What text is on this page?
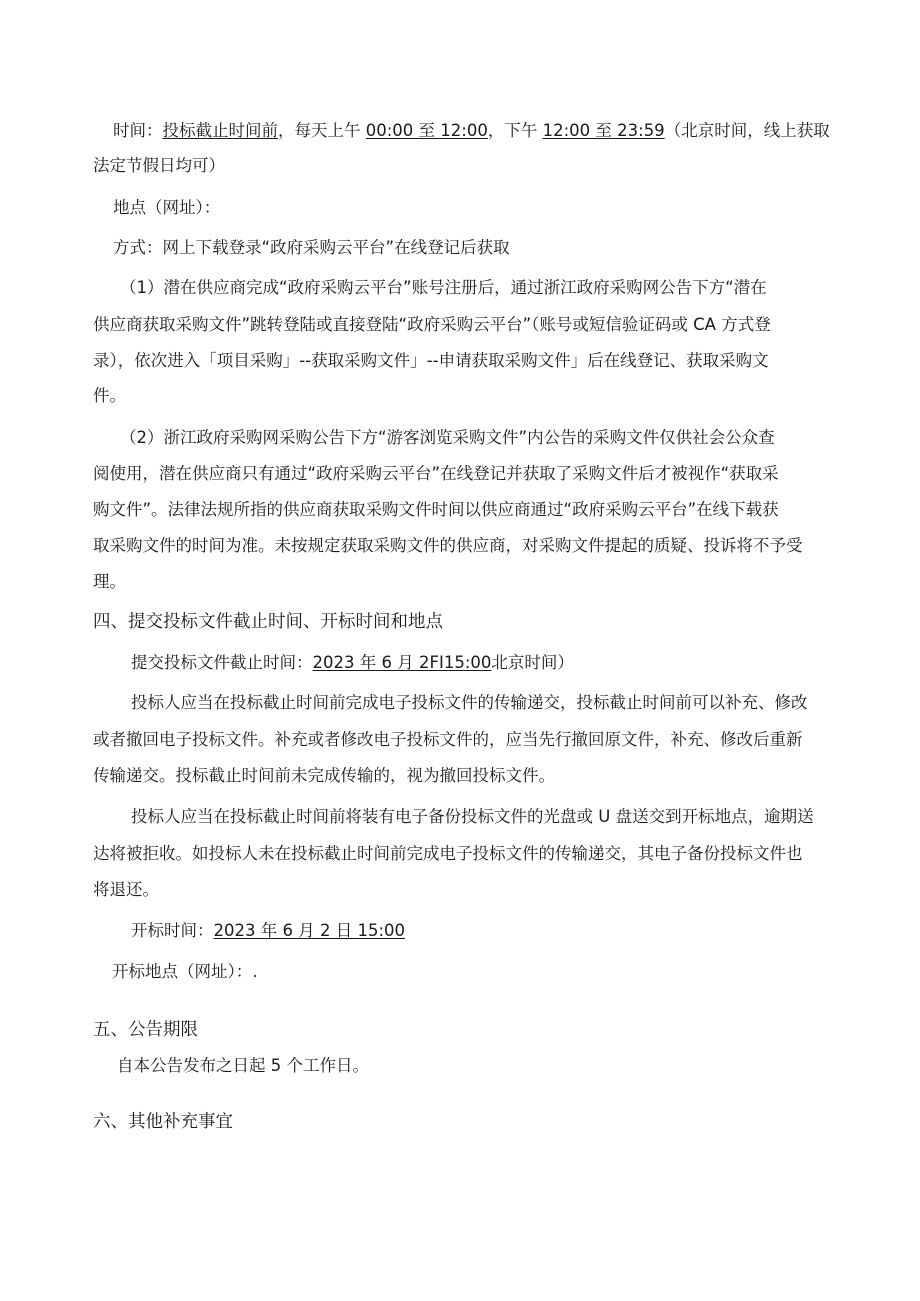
时间：投标截止时间前，每天上午 00:00 至 12:00，下午 12:00 至 23:59（北京时间，线上获取
法定节假日均可）
地点（网址）：
方式：网上下载登录“政府采购云平台”在线登记后获取
（1）潜在供应商完成“政府采购云平台”账号注册后，通过浙江政府采购网公告下方“潜在
供应商获取采购文件”跳转登陆或直接登陆“政府采购云平台”（账号或短信验证码或 CA 方式登
录），依次进入「项目采购」--获取采购文件」--申请获取采购文件」后在线登记、获取采购文
件。
（2）浙江政府采购网采购公告下方“游客浏览采购文件”内公告的采购文件仅供社会公众查
阅使用，潜在供应商只有通过“政府采购云平台”在线登记并获取了采购文件后才被视作“获取采
购文件”。法律法规所指的供应商获取采购文件时间以供应商通过“政府采购云平台”在线下载获
取采购文件的时间为准。未按规定获取采购文件的供应商，对采购文件提起的质疑、投诉将不予受
理。
四、提交投标文件截止时间、开标时间和地点
提交投标文件截止时间：2023 年 6 月 2FI15:00北京时间）
投标人应当在投标截止时间前完成电子投标文件的传输递交，投标截止时间前可以补充、修改
或者撤回电子投标文件。补充或者修改电子投标文件的，应当先行撤回原文件，补充、修改后重新
传输递交。投标截止时间前未完成传输的，视为撤回投标文件。
投标人应当在投标截止时间前将装有电子备份投标文件的光盘或 U 盘送交到开标地点，逾期送
达将被拒收。如投标人未在投标截止时间前完成电子投标文件的传输递交，其电子备份投标文件也
将退还。
开标时间：2023 年 6 月 2 日 15:00
开标地点（网址）：.
五、公告期限
自本公告发布之日起 5 个工作日。
六、其他补充事宜
